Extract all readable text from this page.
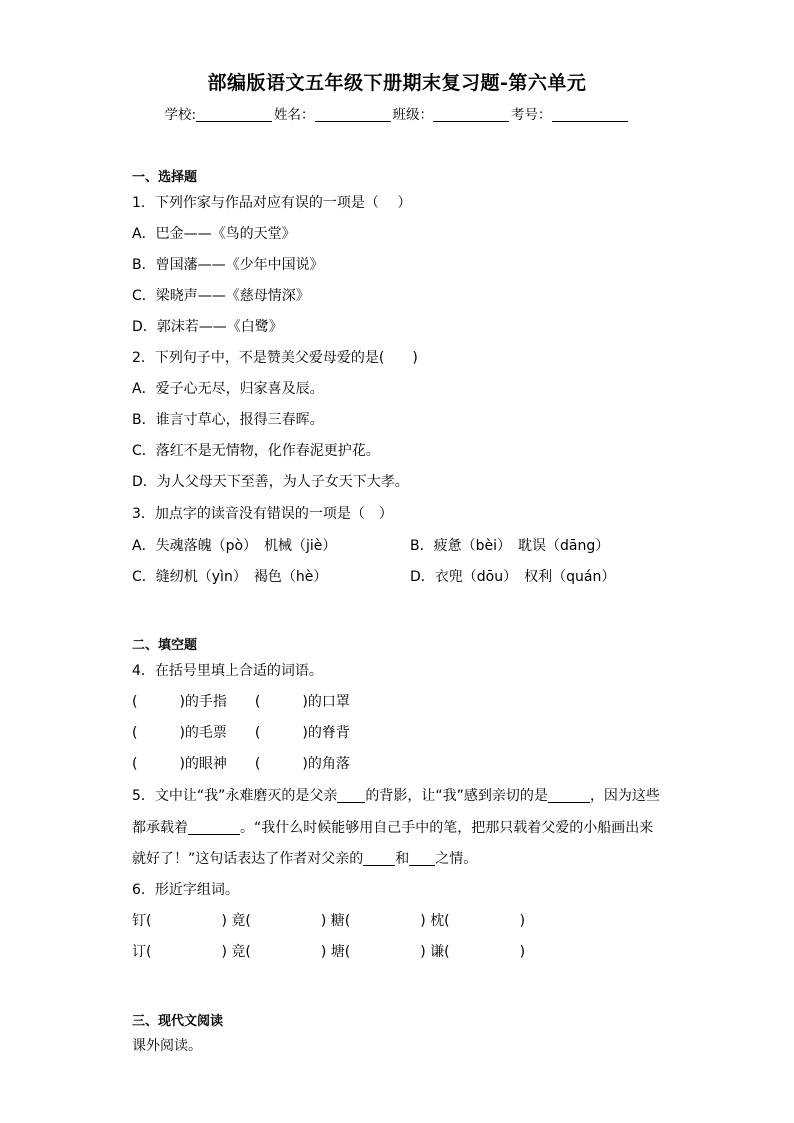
部编版语文五年级下册期末复习题-第六单元
学校:	姓名：	班级：	考号：
一、选择题
1．下列作家与作品对应有误的一项是（　 ）
A．巴金——《鸟的天堂》
B．曾国藩——《少年中国说》
C．梁晓声——《慈母情深》
D．郭沫若——《白鹭》
2．下列句子中，不是赞美父爱母爱的是(　　)
A．爱子心无尽，归家喜及辰。
B．谁言寸草心，报得三春晖。
C．落红不是无情物，化作春泥更护花。
D．为人父母天下至善，为人子女天下大孝。
3．加点字的读音没有错误的一项是（　）
A．失魂落魄（pò）　机械（jiè）	B．疲惫（bèi）　耽误（dāng）
C．缝纫机（yìn）　褐色（hè）	D．衣兜（dōu）　权利（quán）
二、填空题
4．在括号里填上合适的词语。
(　　　)的手指　　(　　　)的口罩
(　　　)的毛票　　(　　　)的脊背
(　　　)的眼神　　(　　　)的角落
5．文中让“我”永难磨灭的是父亲 的背影，让“我”感到亲切的是	，因为这些
都承载着	。“我什么时候能够用自己手中的笔，把那只载着父爱的小船画出来
就好了！”这句话表达了作者对父亲的 和 之情。
6．形近字组词。
钉(　　　　　) 竟(　　　　　) 糖(　　　　　) 枕(　　　　　)
订(　　　　　) 竞(　　　　　) 塘(　　　　　) 谦(　　　　　)
三、现代文阅读
课外阅读。
